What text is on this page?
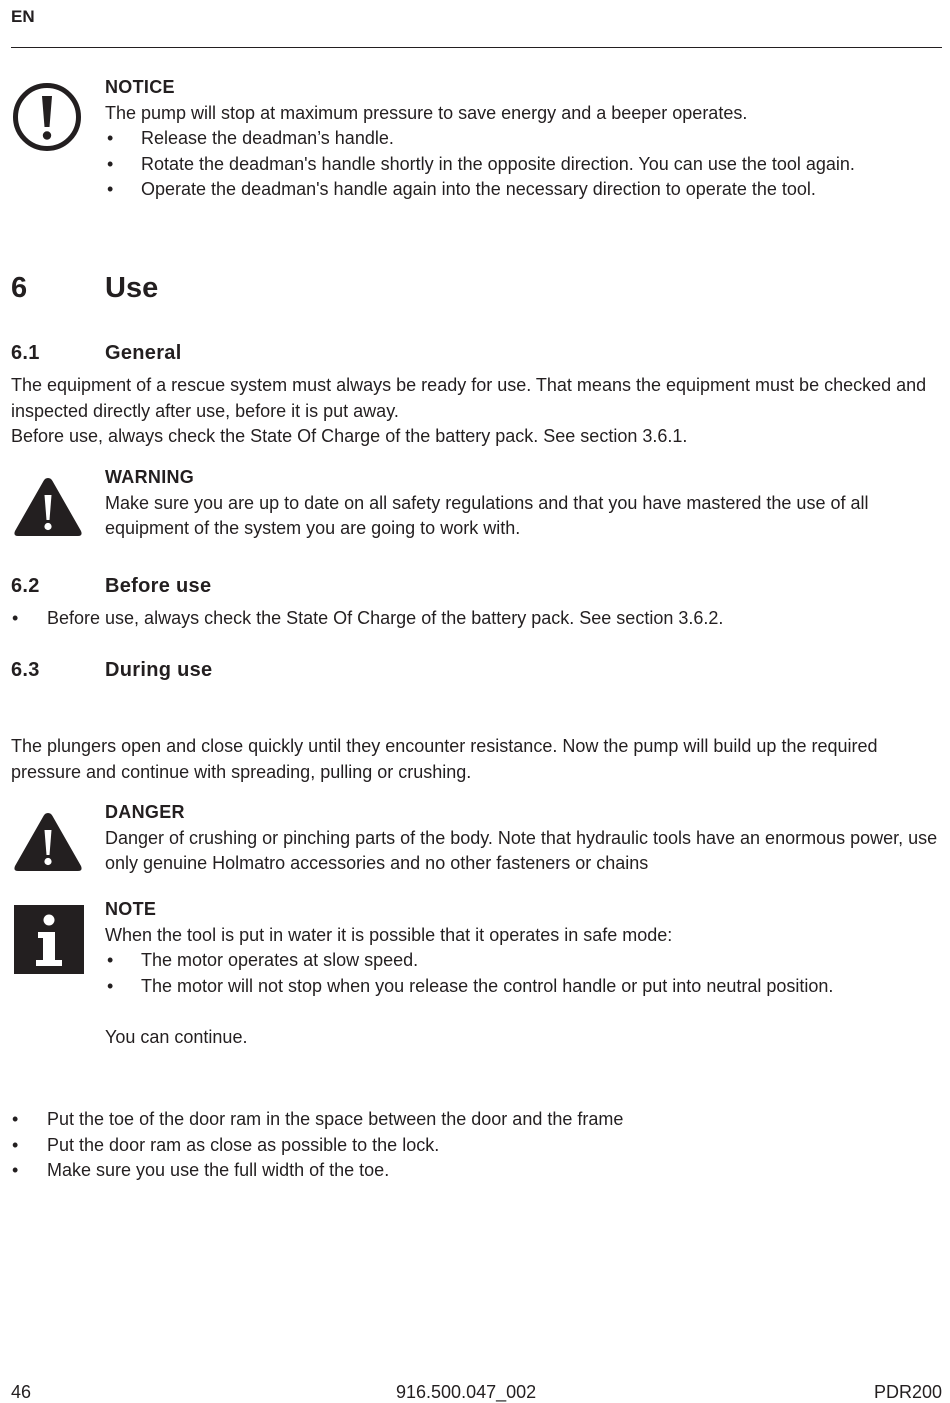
EN
NOTICE
The pump will stop at maximum pressure to save energy and a beeper operates.
• Release the deadman’s handle.
• Rotate the deadman's handle shortly in the opposite direction. You can use the tool again.
• Operate the deadman's handle again into the necessary direction to operate the tool.
6	Use
6.1	General

The equipment of a rescue system must always be ready for use. That means the equipment must be checked and inspected directly after use, before it is put away.

Before use, always check the State Of Charge of the battery pack. See section 3.6.1.

WARNING
Make sure you are up to date on all safety regulations and that you have mastered the use of all equipment of the system you are going to work with.
6.2	Before use
• Before use, always check the State Of Charge of the battery pack. See section 3.6.2.
6.3	During use

The plungers open and close quickly until they encounter resistance. Now the pump will build up the required pressure and continue with spreading, pulling or crushing.

DANGER
Danger of crushing or pinching parts of the body. Note that hydraulic tools have an enormous power, use only genuine Holmatro accessories and no other fasteners or chains
NOTE
When the tool is put in water it is possible that it operates in safe mode:
• The motor operates at slow speed.
• The motor will not stop when you release the control handle or put into neutral position.
You can continue.
• Put the toe of the door ram in the space between the door and the frame
• Put the door ram as close as possible to the lock.
• Make sure you use the full width of the toe.
46	916.500.047_002	PDR200
